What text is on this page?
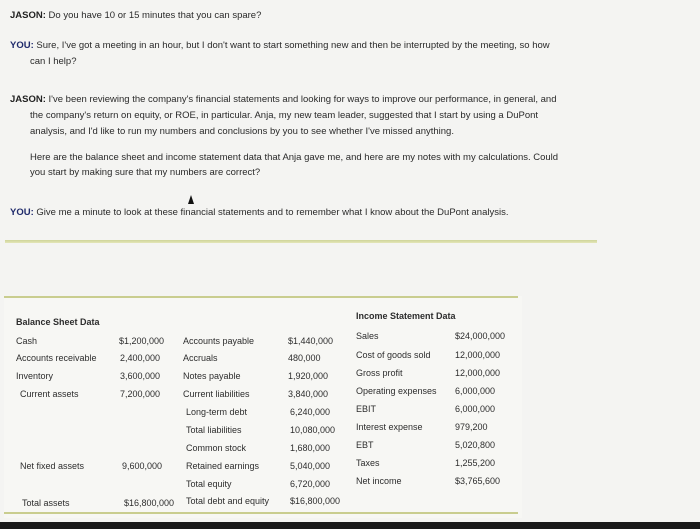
JASON: Do you have 10 or 15 minutes that you can spare?
YOU: Sure, I've got a meeting in an hour, but I don't want to start something new and then be interrupted by the meeting, so how
can I help?
JASON: I've been reviewing the company's financial statements and looking for ways to improve our performance, in general, and
the company's return on equity, or ROE, in particular. Anja, my new team leader, suggested that I start by using a DuPont
analysis, and I'd like to run my numbers and conclusions by you to see whether I've missed anything.
Here are the balance sheet and income statement data that Anja gave me, and here are my notes with my calculations. Could
you start by making sure that my numbers are correct?
YOU: Give me a minute to look at these financial statements and to remember what I know about the DuPont analysis.
Balance Sheet Data
Income Statement Data
Cash
Accounts receivable
Inventory
Current assets
Net fixed assets
Total assets
$1,200,000
2,400,000
3,600,000
7,200,000
9,600,000
$16,800,000
Accounts payable
Accruals
Notes payable
Current liabilities
Long-term debt
Total liabilities
Common stock
Retained earnings
Total equity
Total debt and equity
$1,440,000
480,000
1,920,000
3,840,000
6,240,000
10,080,000
1,680,000
5,040,000
6,720,000
$16,800,000
Sales
Cost of goods sold
Gross profit
Operating expenses
EBIT
Interest expense
EBT
Taxes
Net income
$24,000,000
12,000,000
12,000,000
6,000,000
6,000,000
979,200
5,020,800
1,255,200
$3,765,600
